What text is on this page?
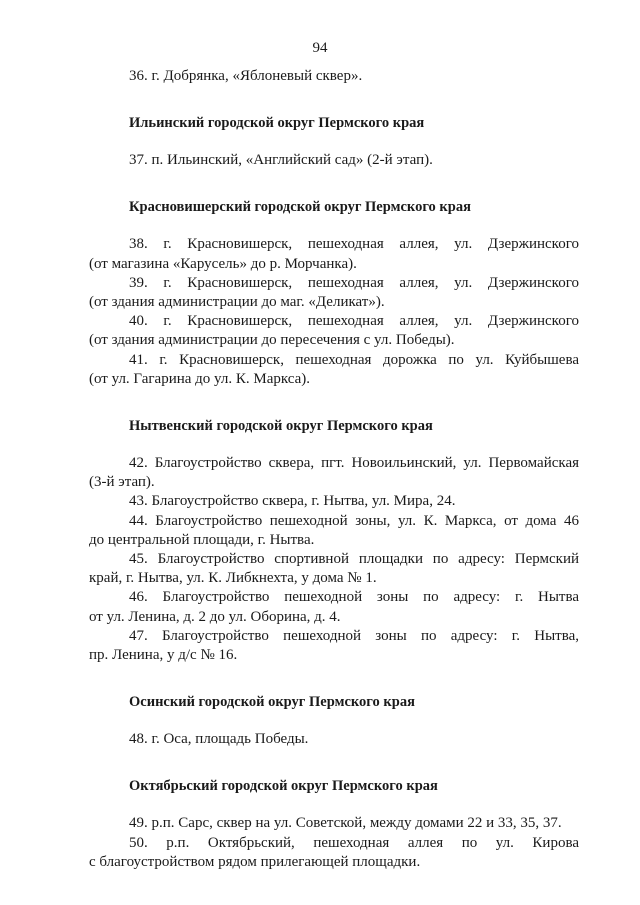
94

36. г. Добрянка, «Яблоневый сквер».

Ильинский городской округ Пермского края

37. п. Ильинский, «Английский сад» (2-й этап).

Красновишерский городской округ Пермского края

38. г. Красновишерск, пешеходная аллея, ул. Дзержинского
(от магазина «Карусель» до р. Морчанка).

39. г. Красновишерск, пешеходная аллея, ул. Дзержинского
(от здания администрации до маг. «Деликат»).

40. г. Красновишерск, пешеходная аллея, ул. Дзержинского
(от здания администрации до пересечения с ул. Победы).

41. г. Красновишерск, пешеходная дорожка по ул. Куйбышева
(от ул. Гагарина до ул. К. Маркса).

Нытвенский городской округ Пермского края

42. Благоустройство сквера, пгт. Новоильинский, ул. Первомайская
(3-й этап).

43. Благоустройство сквера, г. Нытва, ул. Мира, 24.

44. Благоустройство пешеходной зоны, ул. К. Маркса, от дома 46
до центральной площади, г. Нытва.

45. Благоустройство спортивной площадки по адресу: Пермский
край, г. Нытва, ул. К. Либкнехта, у дома № 1.

46. Благоустройство пешеходной зоны по адресу: г. Нытва
от ул. Ленина, д. 2 до ул. Оборина, д. 4.

47. Благоустройство пешеходной зоны по адресу: г. Нытва,
пр. Ленина, у д/с № 16.

Осинский городской округ Пермского края

48. г. Оса, площадь Победы.

Октябрьский городской округ Пермского края

49. р.п. Сарс, сквер на ул. Советской, между домами 22 и 33, 35, 37.

50. р.п. Октябрьский, пешеходная аллея по ул. Кирова
с благоустройством рядом прилегающей площадки.
